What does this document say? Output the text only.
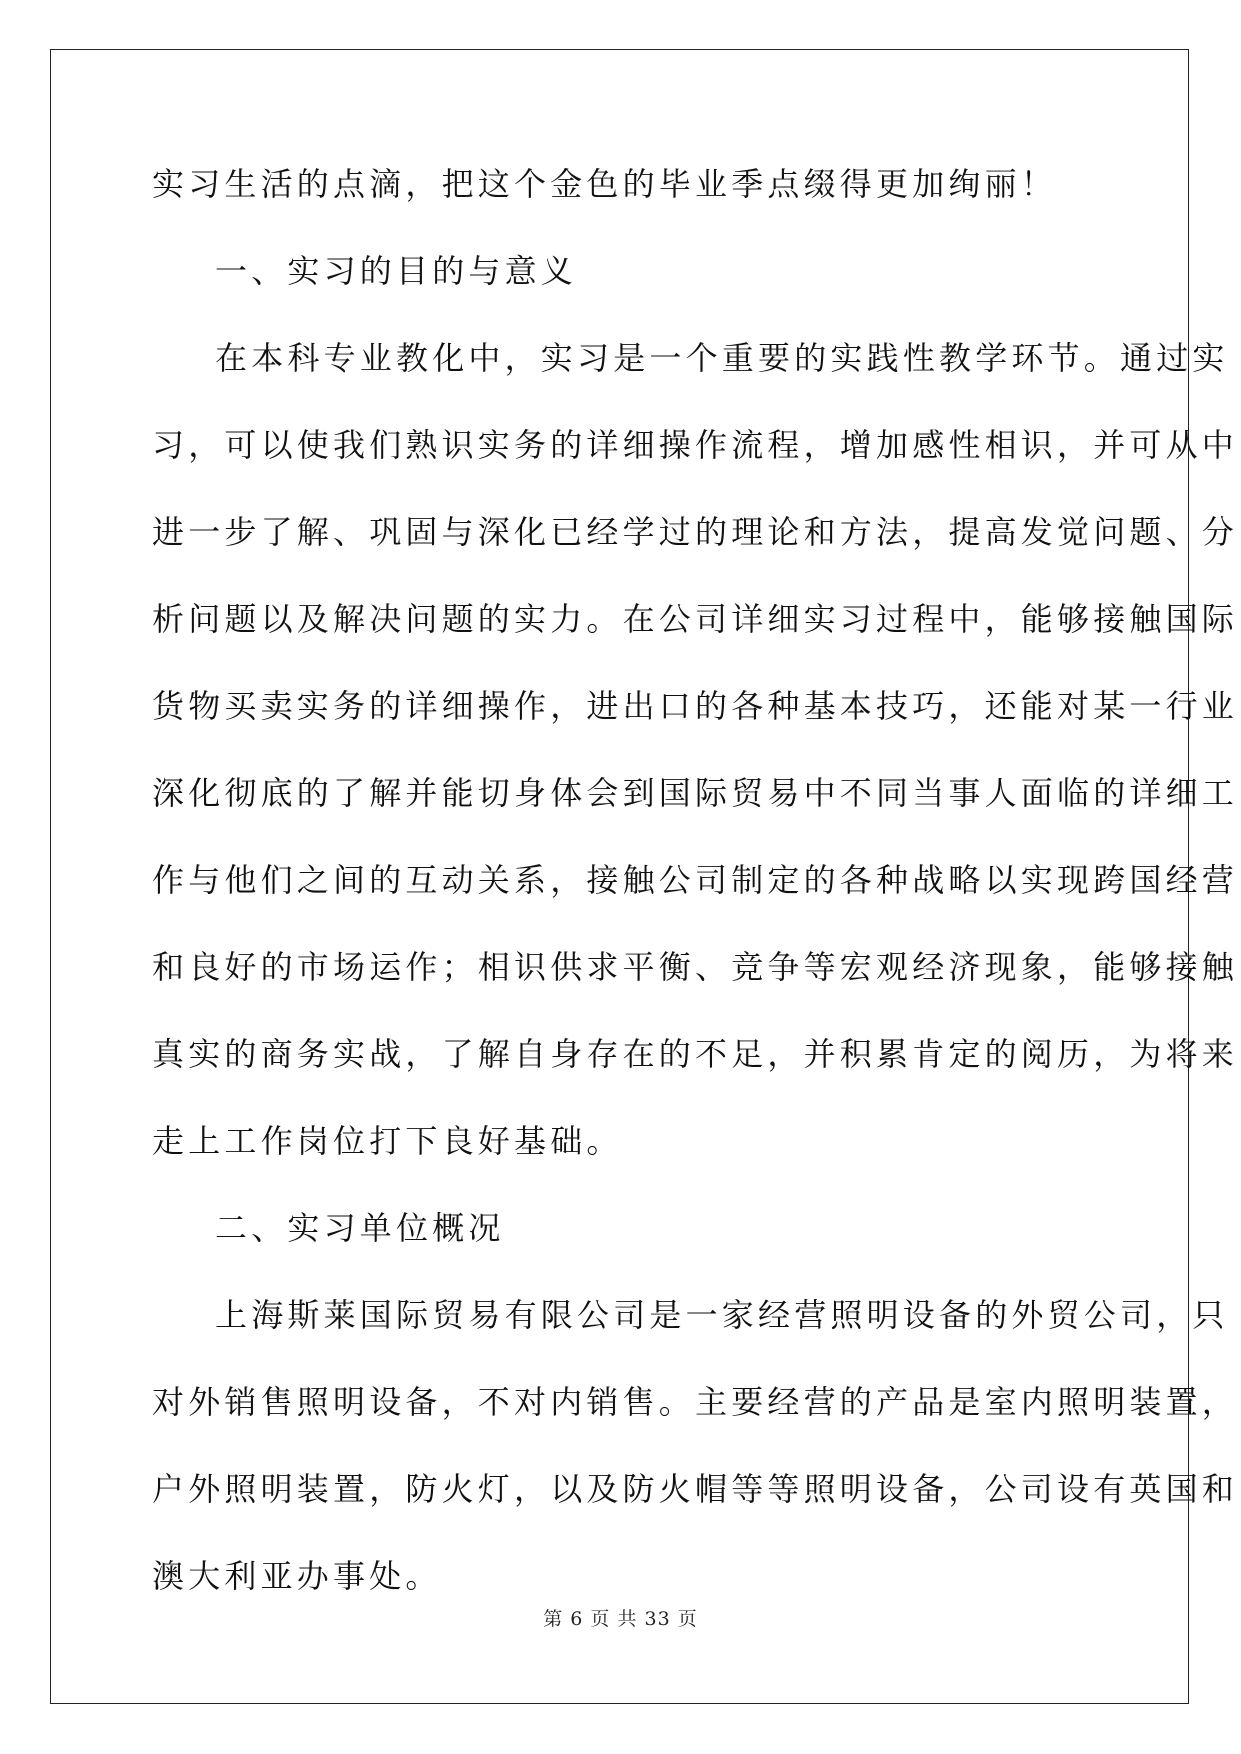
实习生活的点滴，把这个金色的毕业季点缀得更加绚丽！
一、实习的目的与意义
在本科专业教化中，实习是一个重要的实践性教学环节。通过实
习，可以使我们熟识实务的详细操作流程，增加感性相识，并可从中
进一步了解、巩固与深化已经学过的理论和方法，提高发觉问题、分
析问题以及解决问题的实力。在公司详细实习过程中，能够接触国际
货物买卖实务的详细操作，进出口的各种基本技巧，还能对某一行业
深化彻底的了解并能切身体会到国际贸易中不同当事人面临的详细工
作与他们之间的互动关系，接触公司制定的各种战略以实现跨国经营
和良好的市场运作；相识供求平衡、竞争等宏观经济现象，能够接触
真实的商务实战，了解自身存在的不足，并积累肯定的阅历，为将来
走上工作岗位打下良好基础。
二、实习单位概况
上海斯莱国际贸易有限公司是一家经营照明设备的外贸公司，只
对外销售照明设备，不对内销售。主要经营的产品是室内照明装置，
户外照明装置，防火灯，以及防火帽等等照明设备，公司设有英国和
澳大利亚办事处。
第 6 页 共 33 页
